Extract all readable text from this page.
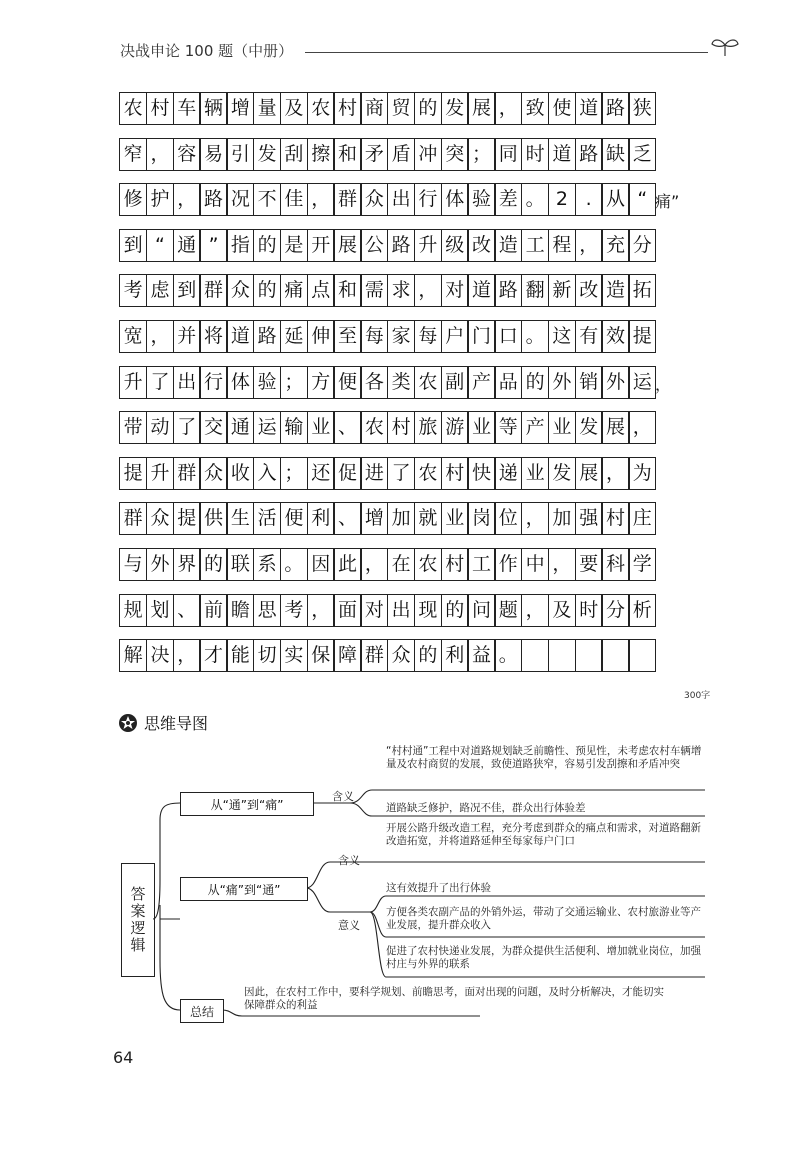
决战申论 100 题（中册）
农 村 车 辆 增 量 及 农 村 商 贸 的 发 展 ， 致 使 道 路 狭
窄 ， 容 易 引 发 刮 擦 和 矛 盾 冲 突 ； 同 时 道 路 缺 乏
修 护 ， 路 况 不 佳 ， 群 众 出 行 体 验 差 。 2 . 从 “ 痛”
到 “ 通 ” 指 的 是 开 展 公 路 升 级 改 造 工 程 ， 充 分
考 虑 到 群 众 的 痛 点 和 需 求 ， 对 道 路 翻 新 改 造 拓
宽 ， 并 将 道 路 延 伸 至 每 家 每 户 门 口 。 这 有 效 提
升 了 出 行 体 验 ； 方 便 各 类 农 副 产 品 的 外 销 外 运 ，
带 动 了 交 通 运 输 业 、 农 村 旅 游 业 等 产 业 发 展 ，
提 升 群 众 收 入 ； 还 促 进 了 农 村 快 递 业 发 展 ， 为
群 众 提 供 生 活 便 利 、 增 加 就 业 岗 位 ， 加 强 村 庄
与 外 界 的 联 系 。 因 此 ， 在 农 村 工 作 中 ， 要 科 学
规 划 、 前 瞻 思 考 ， 面 对 出 现 的 问 题 ， 及 时 分 析
解 决 ， 才 能 切 实 保 障 群 众 的 利 益 。
300字
思维导图
答案逻辑
从“通”到“痛”
含义
“村村通”工程中对道路规划缺乏前瞻性、预见性，未考虑农村车辆增量及农村商贸的发展，致使道路狭窄，容易引发刮擦和矛盾冲突
道路缺乏修护，路况不佳，群众出行体验差
从“痛”到“通”
含义
意义
开展公路升级改造工程，充分考虑到群众的痛点和需求，对道路翻新改造拓宽，并将道路延伸至每家每户门口
这有效提升了出行体验
方便各类农副产品的外销外运，带动了交通运输业、农村旅游业等产业发展，提升群众收入
促进了农村快递业发展，为群众提供生活便利、增加就业岗位，加强村庄与外界的联系
总结
因此，在农村工作中，要科学规划、前瞻思考，面对出现的问题，及时分析解决，才能切实保障群众的利益
64
